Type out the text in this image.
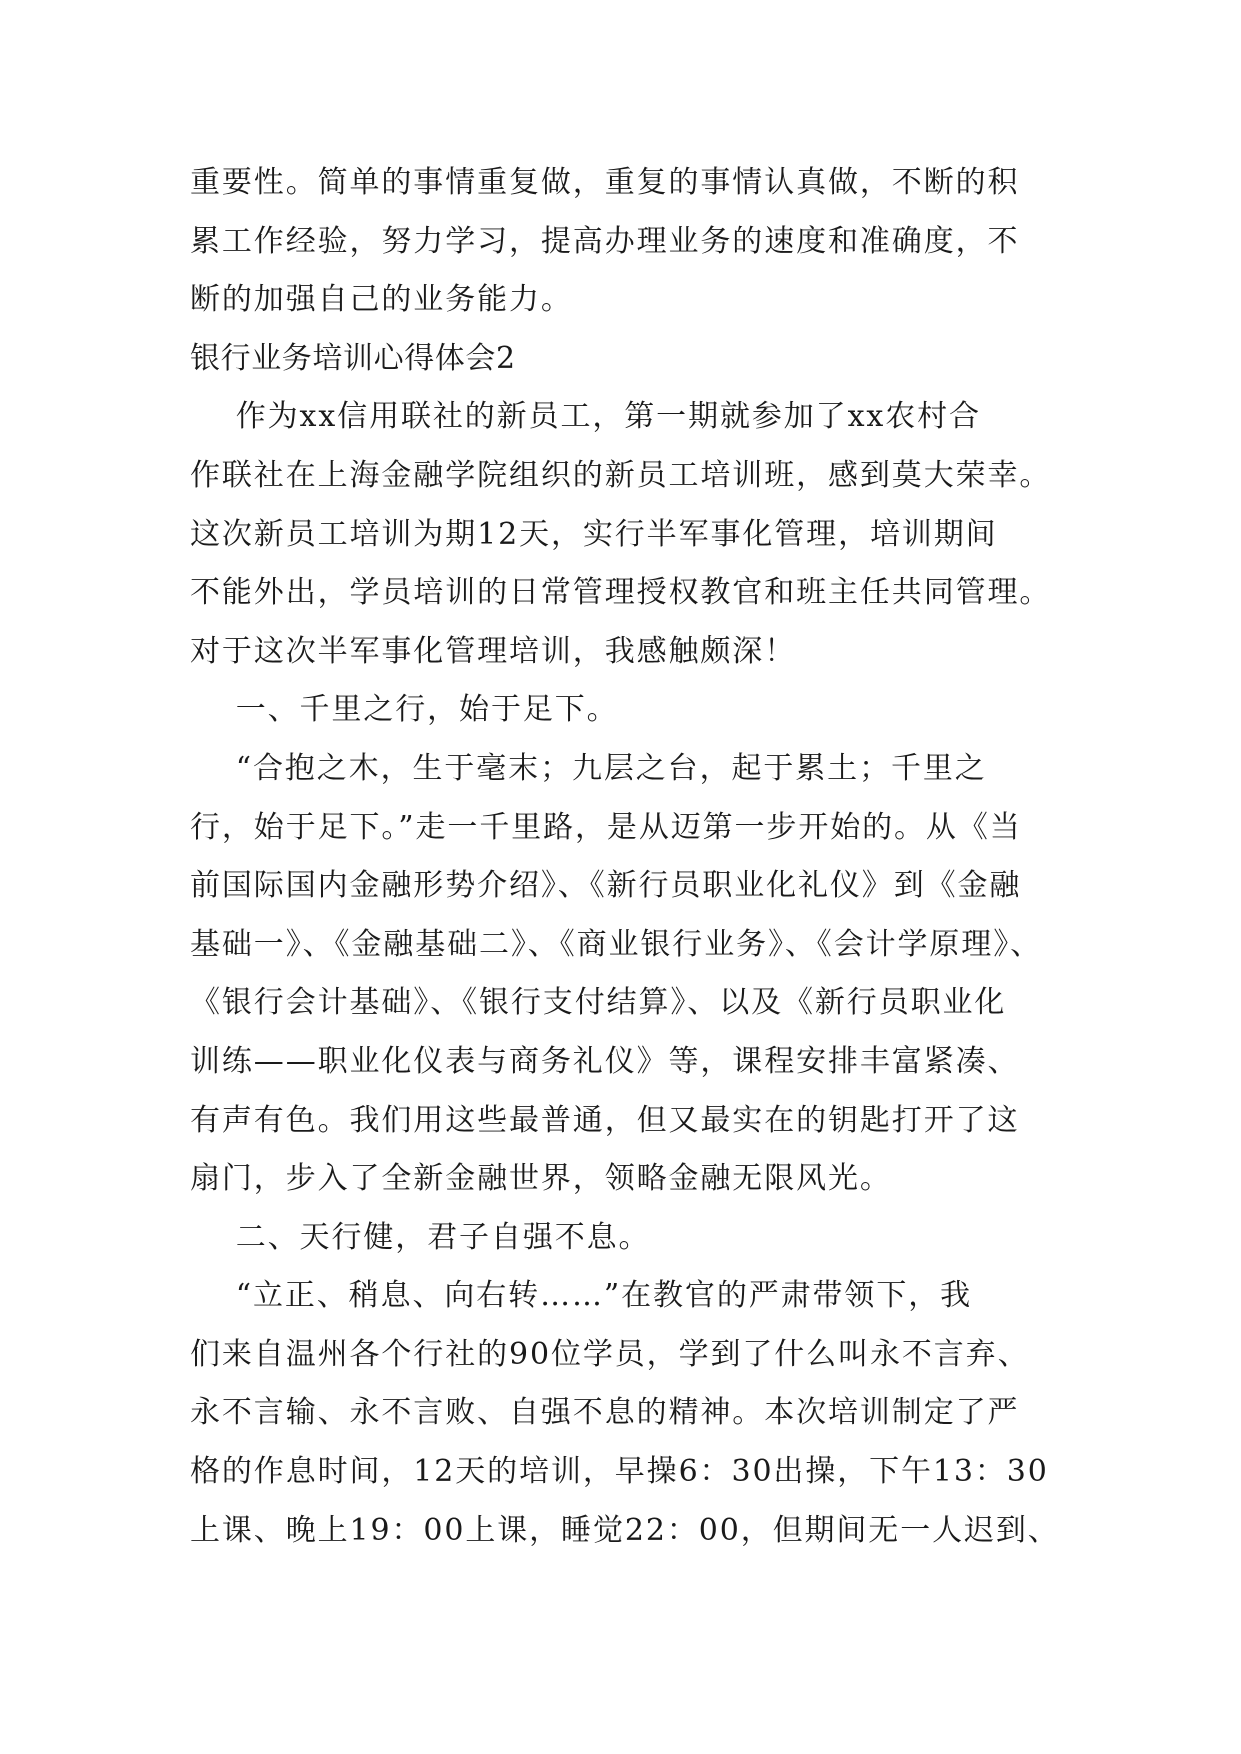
重要性。简单的事情重复做，重复的事情认真做，不断的积
累工作经验，努力学习，提高办理业务的速度和准确度，不
断的加强自己的业务能力。
银行业务培训心得体会2
作为xx信用联社的新员工，第一期就参加了xx农村合
作联社在上海金融学院组织的新员工培训班，感到莫大荣幸。
这次新员工培训为期12天，实行半军事化管理，培训期间
不能外出，学员培训的日常管理授权教官和班主任共同管理。
对于这次半军事化管理培训，我感触颇深！
一、千里之行，始于足下。
“合抱之木，生于毫末；九层之台，起于累土；千里之
行，始于足下。”走一千里路，是从迈第一步开始的。从《当
前国际国内金融形势介绍》、《新行员职业化礼仪》到《金融
基础一》、《金融基础二》、《商业银行业务》、《会计学原理》、
《银行会计基础》、《银行支付结算》、以及《新行员职业化
训练——职业化仪表与商务礼仪》等，课程安排丰富紧凑、
有声有色。我们用这些最普通，但又最实在的钥匙打开了这
扇门，步入了全新金融世界，领略金融无限风光。
二、天行健，君子自强不息。
“立正、稍息、向右转……”在教官的严肃带领下，我
们来自温州各个行社的90位学员，学到了什么叫永不言弃、
永不言输、永不言败、自强不息的精神。本次培训制定了严
格的作息时间，12天的培训，早操6：30出操，下午13：30
上课、晚上19：00上课，睡觉22：00，但期间无一人迟到、
